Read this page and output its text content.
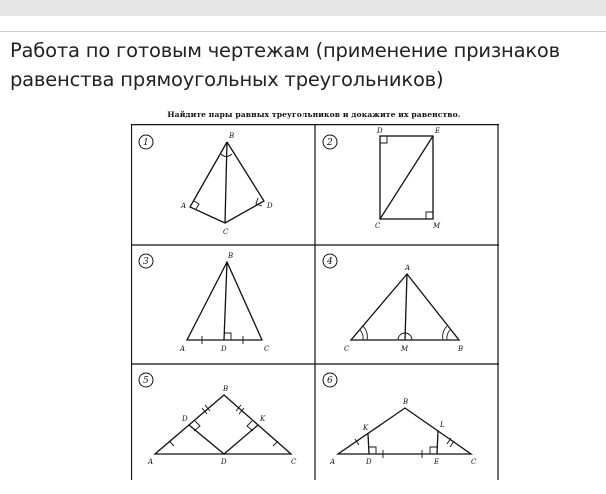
Работа по готовым чертежам (применение признаков равенства прямоугольных треугольников)
Найдите пары равных треугольников и докажите их равенство.
1
B
A	D
C
2
D	E
C	M
3
B
A	D	C
4
A
C	M	B
5
B
D	K
A	D	C
6
B
K	L
A	D	E	C
